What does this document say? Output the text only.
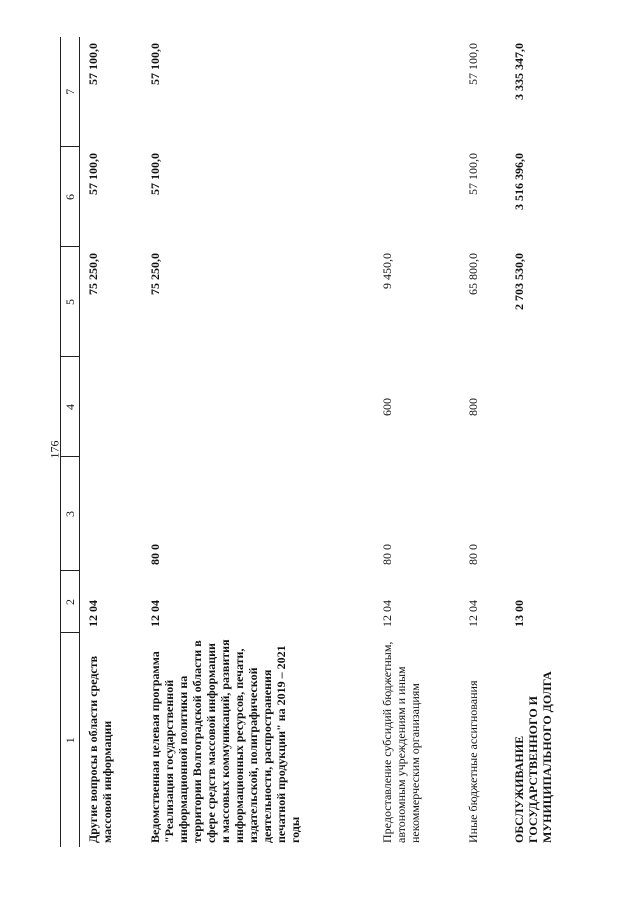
176
1	2	3	4	5	6	7
Другие вопросы в области средств массовой информации	12 04			75 250,0	57 100,0	57 100,0
Ведомственная целевая программа "Реализация государственной информационной политики на территории Волгоградской области в сфере средств массовой информации и массовых коммуникаций, развития информационных ресурсов, печати, издательской, полиграфической деятельности, распространения печатной продукции" на 2019 – 2021 годы	12 04	80 0		75 250,0	57 100,0	57 100,0
Предоставление субсидий бюджетным, автономным учреждениям и иным некоммерческим организациям	12 04	80 0	600	9 450,0		
Иные бюджетные ассигнования	12 04	80 0	800	65 800,0	57 100,0	57 100,0
ОБСЛУЖИВАНИЕ ГОСУДАРСТВЕННОГО И МУНИЦИПАЛЬНОГО ДОЛГА	13 00			2 703 530,0	3 516 396,0	3 335 347,0
